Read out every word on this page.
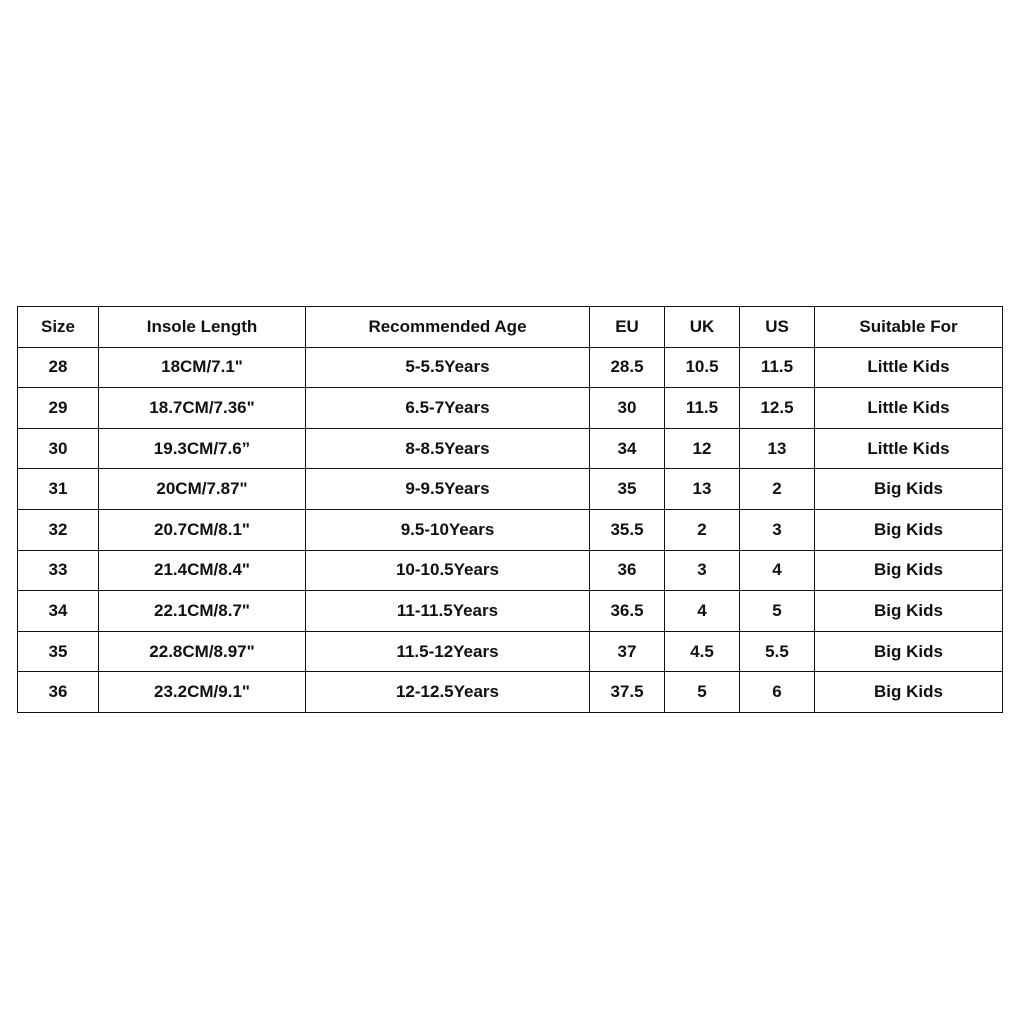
Size	Insole Length	Recommended Age	EU	UK	US	Suitable For
28	18CM/7.1"	5-5.5Years	28.5	10.5	11.5	Little Kids
29	18.7CM/7.36"	6.5-7Years	30	11.5	12.5	Little Kids
30	19.3CM/7.6”	8-8.5Years	34	12	13	Little Kids
31	20CM/7.87"	9-9.5Years	35	13	2	Big Kids
32	20.7CM/8.1"	9.5-10Years	35.5	2	3	Big Kids
33	21.4CM/8.4"	10-10.5Years	36	3	4	Big Kids
34	22.1CM/8.7"	11-11.5Years	36.5	4	5	Big Kids
35	22.8CM/8.97"	11.5-12Years	37	4.5	5.5	Big Kids
36	23.2CM/9.1"	12-12.5Years	37.5	5	6	Big Kids
